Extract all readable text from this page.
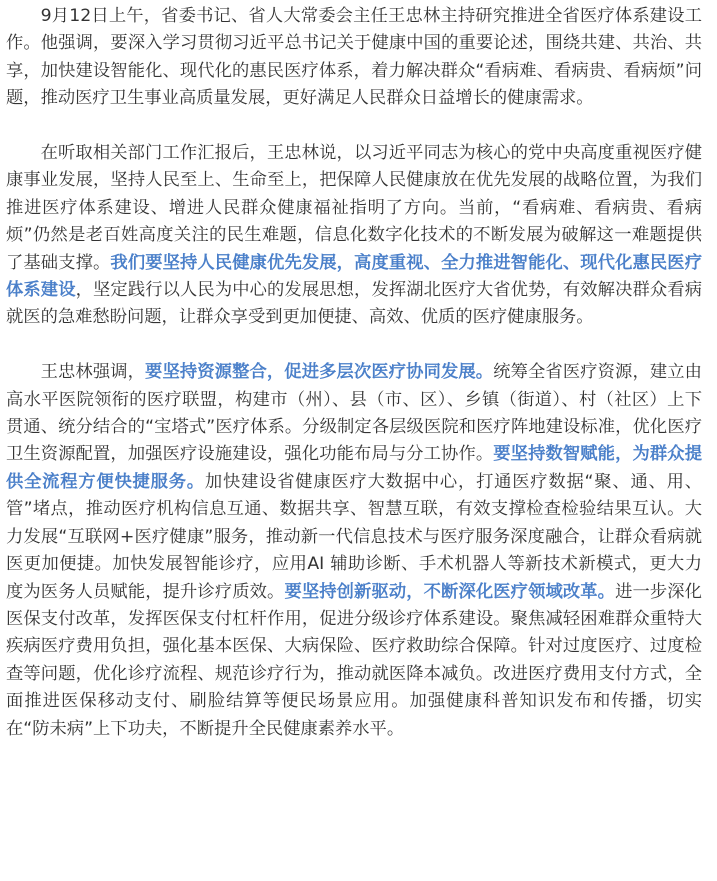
9月12日上午，省委书记、省人大常委会主任王忠林主持研究推进全省医疗体系建设工作。他强调，要深入学习贯彻习近平总书记关于健康中国的重要论述，围绕共建、共治、共享，加快建设智能化、现代化的惠民医疗体系，着力解决群众“看病难、看病贵、看病烦”问题，推动医疗卫生事业高质量发展，更好满足人民群众日益增长的健康需求。

在听取相关部门工作汇报后，王忠林说，以习近平同志为核心的党中央高度重视医疗健康事业发展，坚持人民至上、生命至上，把保障人民健康放在优先发展的战略位置，为我们推进医疗体系建设、增进人民群众健康福祉指明了方向。当前，“看病难、看病贵、看病烦”仍然是老百姓高度关注的民生难题，信息化数字化技术的不断发展为破解这一难题提供了基础支撑。我们要坚持人民健康优先发展，高度重视、全力推进智能化、现代化惠民医疗体系建设，坚定践行以人民为中心的发展思想，发挥湖北医疗大省优势，有效解决群众看病就医的急难愁盼问题，让群众享受到更加便捷、高效、优质的医疗健康服务。

王忠林强调，要坚持资源整合，促进多层次医疗协同发展。统筹全省医疗资源，建立由高水平医院领衔的医疗联盟，构建市（州）、县（市、区）、乡镇（街道）、村（社区）上下贯通、统分结合的“宝塔式”医疗体系。分级制定各层级医院和医疗阵地建设标准，优化医疗卫生资源配置，加强医疗设施建设，强化功能布局与分工协作。要坚持数智赋能，为群众提供全流程方便快捷服务。加快建设省健康医疗大数据中心，打通医疗数据“聚、通、用、管”堵点，推动医疗机构信息互通、数据共享、智慧互联，有效支撑检查检验结果互认。大力发展“互联网+医疗健康”服务，推动新一代信息技术与医疗服务深度融合，让群众看病就医更加便捷。加快发展智能诊疗，应用AI 辅助诊断、手术机器人等新技术新模式，更大力度为医务人员赋能，提升诊疗质效。要坚持创新驱动，不断深化医疗领域改革。进一步深化医保支付改革，发挥医保支付杠杆作用，促进分级诊疗体系建设。聚焦减轻困难群众重特大疾病医疗费用负担，强化基本医保、大病保险、医疗救助综合保障。针对过度医疗、过度检查等问题，优化诊疗流程、规范诊疗行为，推动就医降本减负。改进医疗费用支付方式，全面推进医保移动支付、刷脸结算等便民场景应用。加强健康科普知识发布和传播，切实在“防未病”上下功夫，不断提升全民健康素养水平。
